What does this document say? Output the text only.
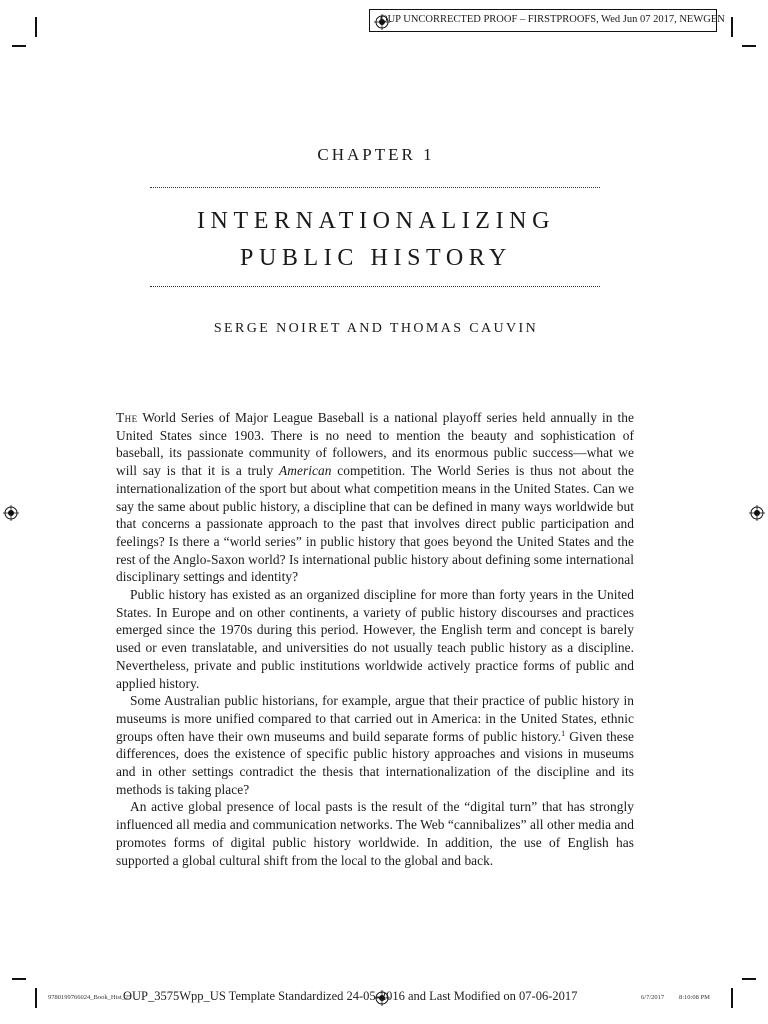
OUP UNCORRECTED PROOF – FIRSTPROOFS, Wed Jun 07 2017, NEWGEN
CHAPTER 1
INTERNATIONALIZING
PUBLIC HISTORY
SERGE NOIRET AND THOMAS CAUVIN

The World Series of Major League Baseball is a national playoff series held annually in the United States since 1903. There is no need to mention the beauty and sophistication of baseball, its passionate community of followers, and its enormous public success—what we will say is that it is a truly American competition. The World Series is thus not about the internationalization of the sport but about what competition means in the United States. Can we say the same about public history, a discipline that can be defined in many ways worldwide but that concerns a passionate approach to the past that involves direct public participation and feelings? Is there a “world series” in public history that goes beyond the United States and the rest of the Anglo-Saxon world? Is international public history about defining some international disciplinary settings and identity?

Public history has existed as an organized discipline for more than forty years in the United States. In Europe and on other continents, a variety of public history discourses and practices emerged since the 1970s during this period. However, the English term and concept is barely used or even translatable, and universities do not usually teach public history as a discipline. Nevertheless, private and public institutions worldwide actively practice forms of public and applied history.

Some Australian public historians, for example, argue that their practice of public history in museums is more unified compared to that carried out in America: in the United States, ethnic groups often have their own museums and build separate forms of public history.$^1$ Given these differences, does the existence of specific public history approaches and visions in museums and in other settings contradict the thesis that internationalization of the discipline and its methods is taking place?

An active global presence of local pasts is the result of the “digital turn” that has strongly influenced all media and communication networks. The Web “cannibalizes” all other media and promotes forms of digital public history worldwide. In addition, the use of English has supported a global cultural shift from the local to the global and back.

9780199766024_Book_Hist_25
OUP_3575Wpp_US Template Standardized 24-05-2016 and Last Modified on 07-06-2017	6/7/2017 8:10:08 PM
